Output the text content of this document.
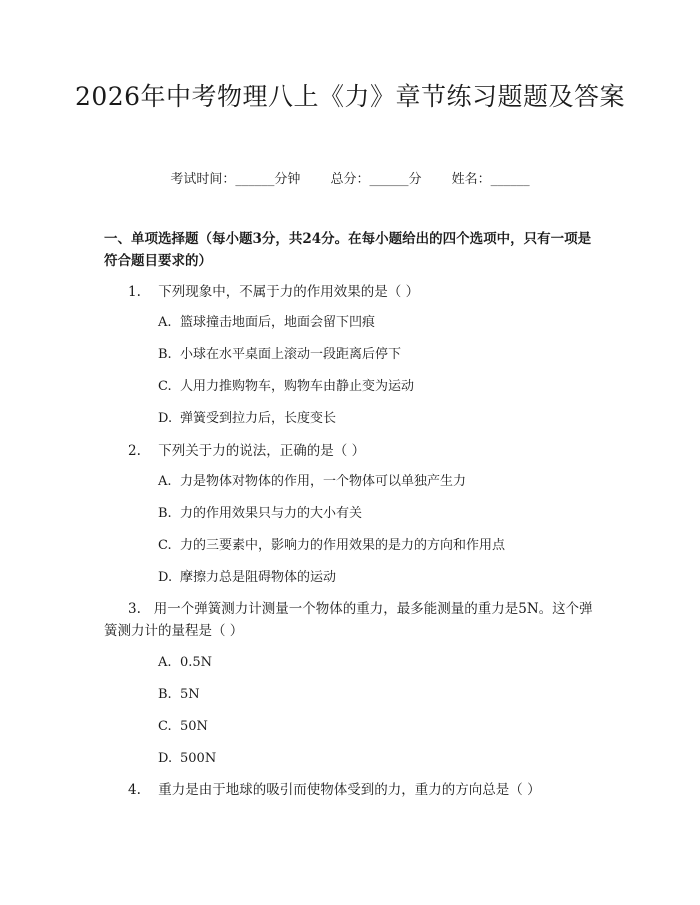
2026年中考物理八上《力》章节练习题题及答案
考试时间：______分钟 总分：______分 姓名：______
一、单项选择题（每小题3分，共24分。在每小题给出的四个选项中，只有一项是符合题目要求的）
1. 下列现象中，不属于力的作用效果的是（ ）
A. 篮球撞击地面后，地面会留下凹痕
B. 小球在水平桌面上滚动一段距离后停下
C. 人用力推购物车，购物车由静止变为运动
D. 弹簧受到拉力后，长度变长
2. 下列关于力的说法，正确的是（ ）
A. 力是物体对物体的作用，一个物体可以单独产生力
B. 力的作用效果只与力的大小有关
C. 力的三要素中，影响力的作用效果的是力的方向和作用点
D. 摩擦力总是阻碍物体的运动
3. 用一个弹簧测力计测量一个物体的重力，最多能测量的重力是5N。这个弹簧测力计的量程是（ ）
A. 0.5N
B. 5N
C. 50N
D. 500N
4. 重力是由于地球的吸引而使物体受到的力，重力的方向总是（ ）
